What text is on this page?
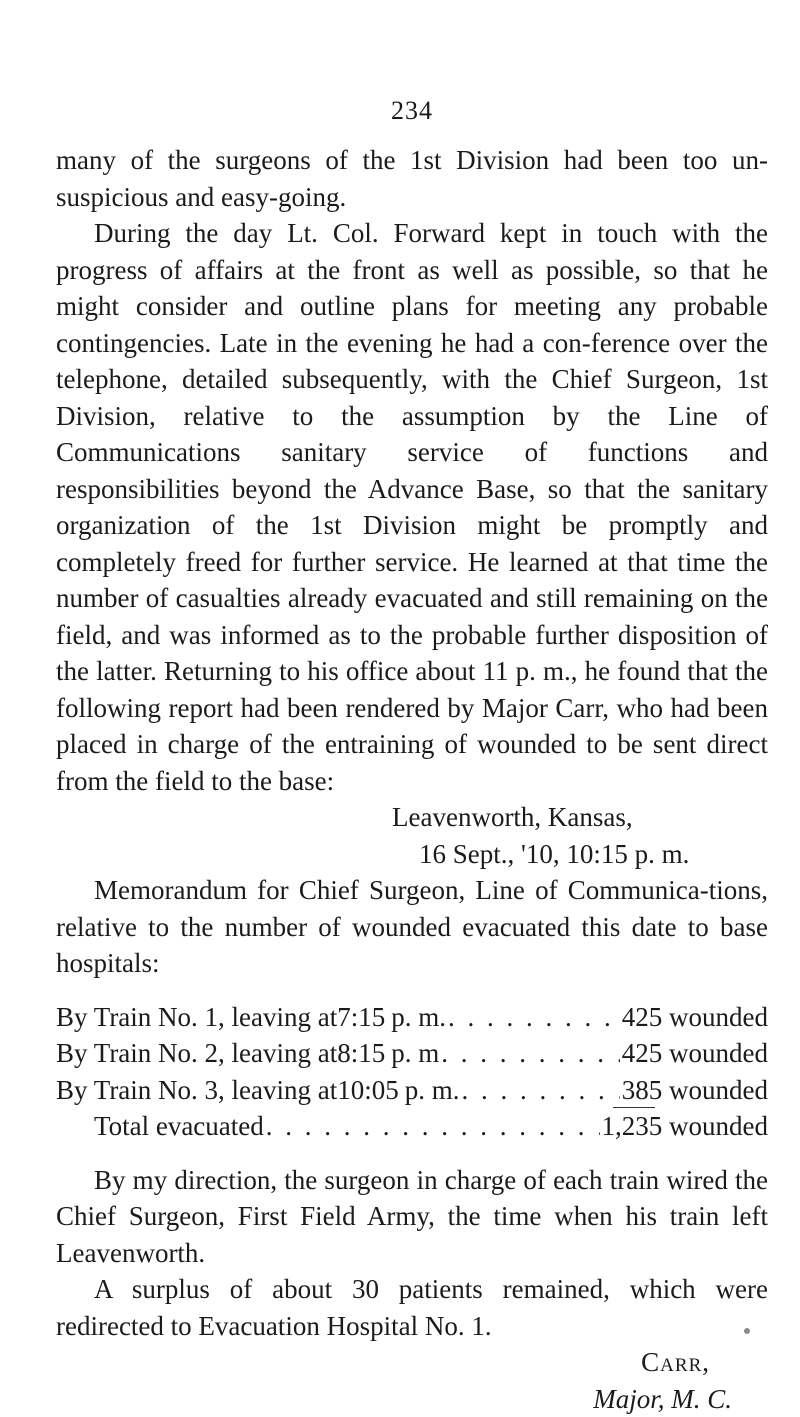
234

many of the surgeons of the 1st Division had been too un-suspicious and easy-going.

During the day Lt. Col. Forward kept in touch with the progress of affairs at the front as well as possible, so that he might consider and outline plans for meeting any probable contingencies. Late in the evening he had a con-ference over the telephone, detailed subsequently, with the Chief Surgeon, 1st Division, relative to the assumption by the Line of Communications sanitary service of functions and responsibilities beyond the Advance Base, so that the sanitary organization of the 1st Division might be promptly and completely freed for further service. He learned at that time the number of casualties already evacuated and still remaining on the field, and was informed as to the probable further disposition of the latter. Returning to his office about 11 p. m., he found that the following report had been rendered by Major Carr, who had been placed in charge of the entraining of wounded to be sent direct from the field to the base:

Leavenworth, Kansas,
16 Sept., '10, 10:15 p. m.

Memorandum for Chief Surgeon, Line of Communica-tions, relative to the number of wounded evacuated this date to base hospitals:

By Train No. 1, leaving at 7:15 p. m. . . .	425 wounded
By Train No. 2, leaving at 8:15 p. m . . .	425 wounded
By Train No. 3, leaving at 10:05 p. m. . . .	385 wounded
Total evacuated . . .	1,235 wounded

By my direction, the surgeon in charge of each train wired the Chief Surgeon, First Field Army, the time when his train left Leavenworth.

A surplus of about 30 patients remained, which were redirected to Evacuation Hospital No. 1.

Carr,
Major, M. C.
